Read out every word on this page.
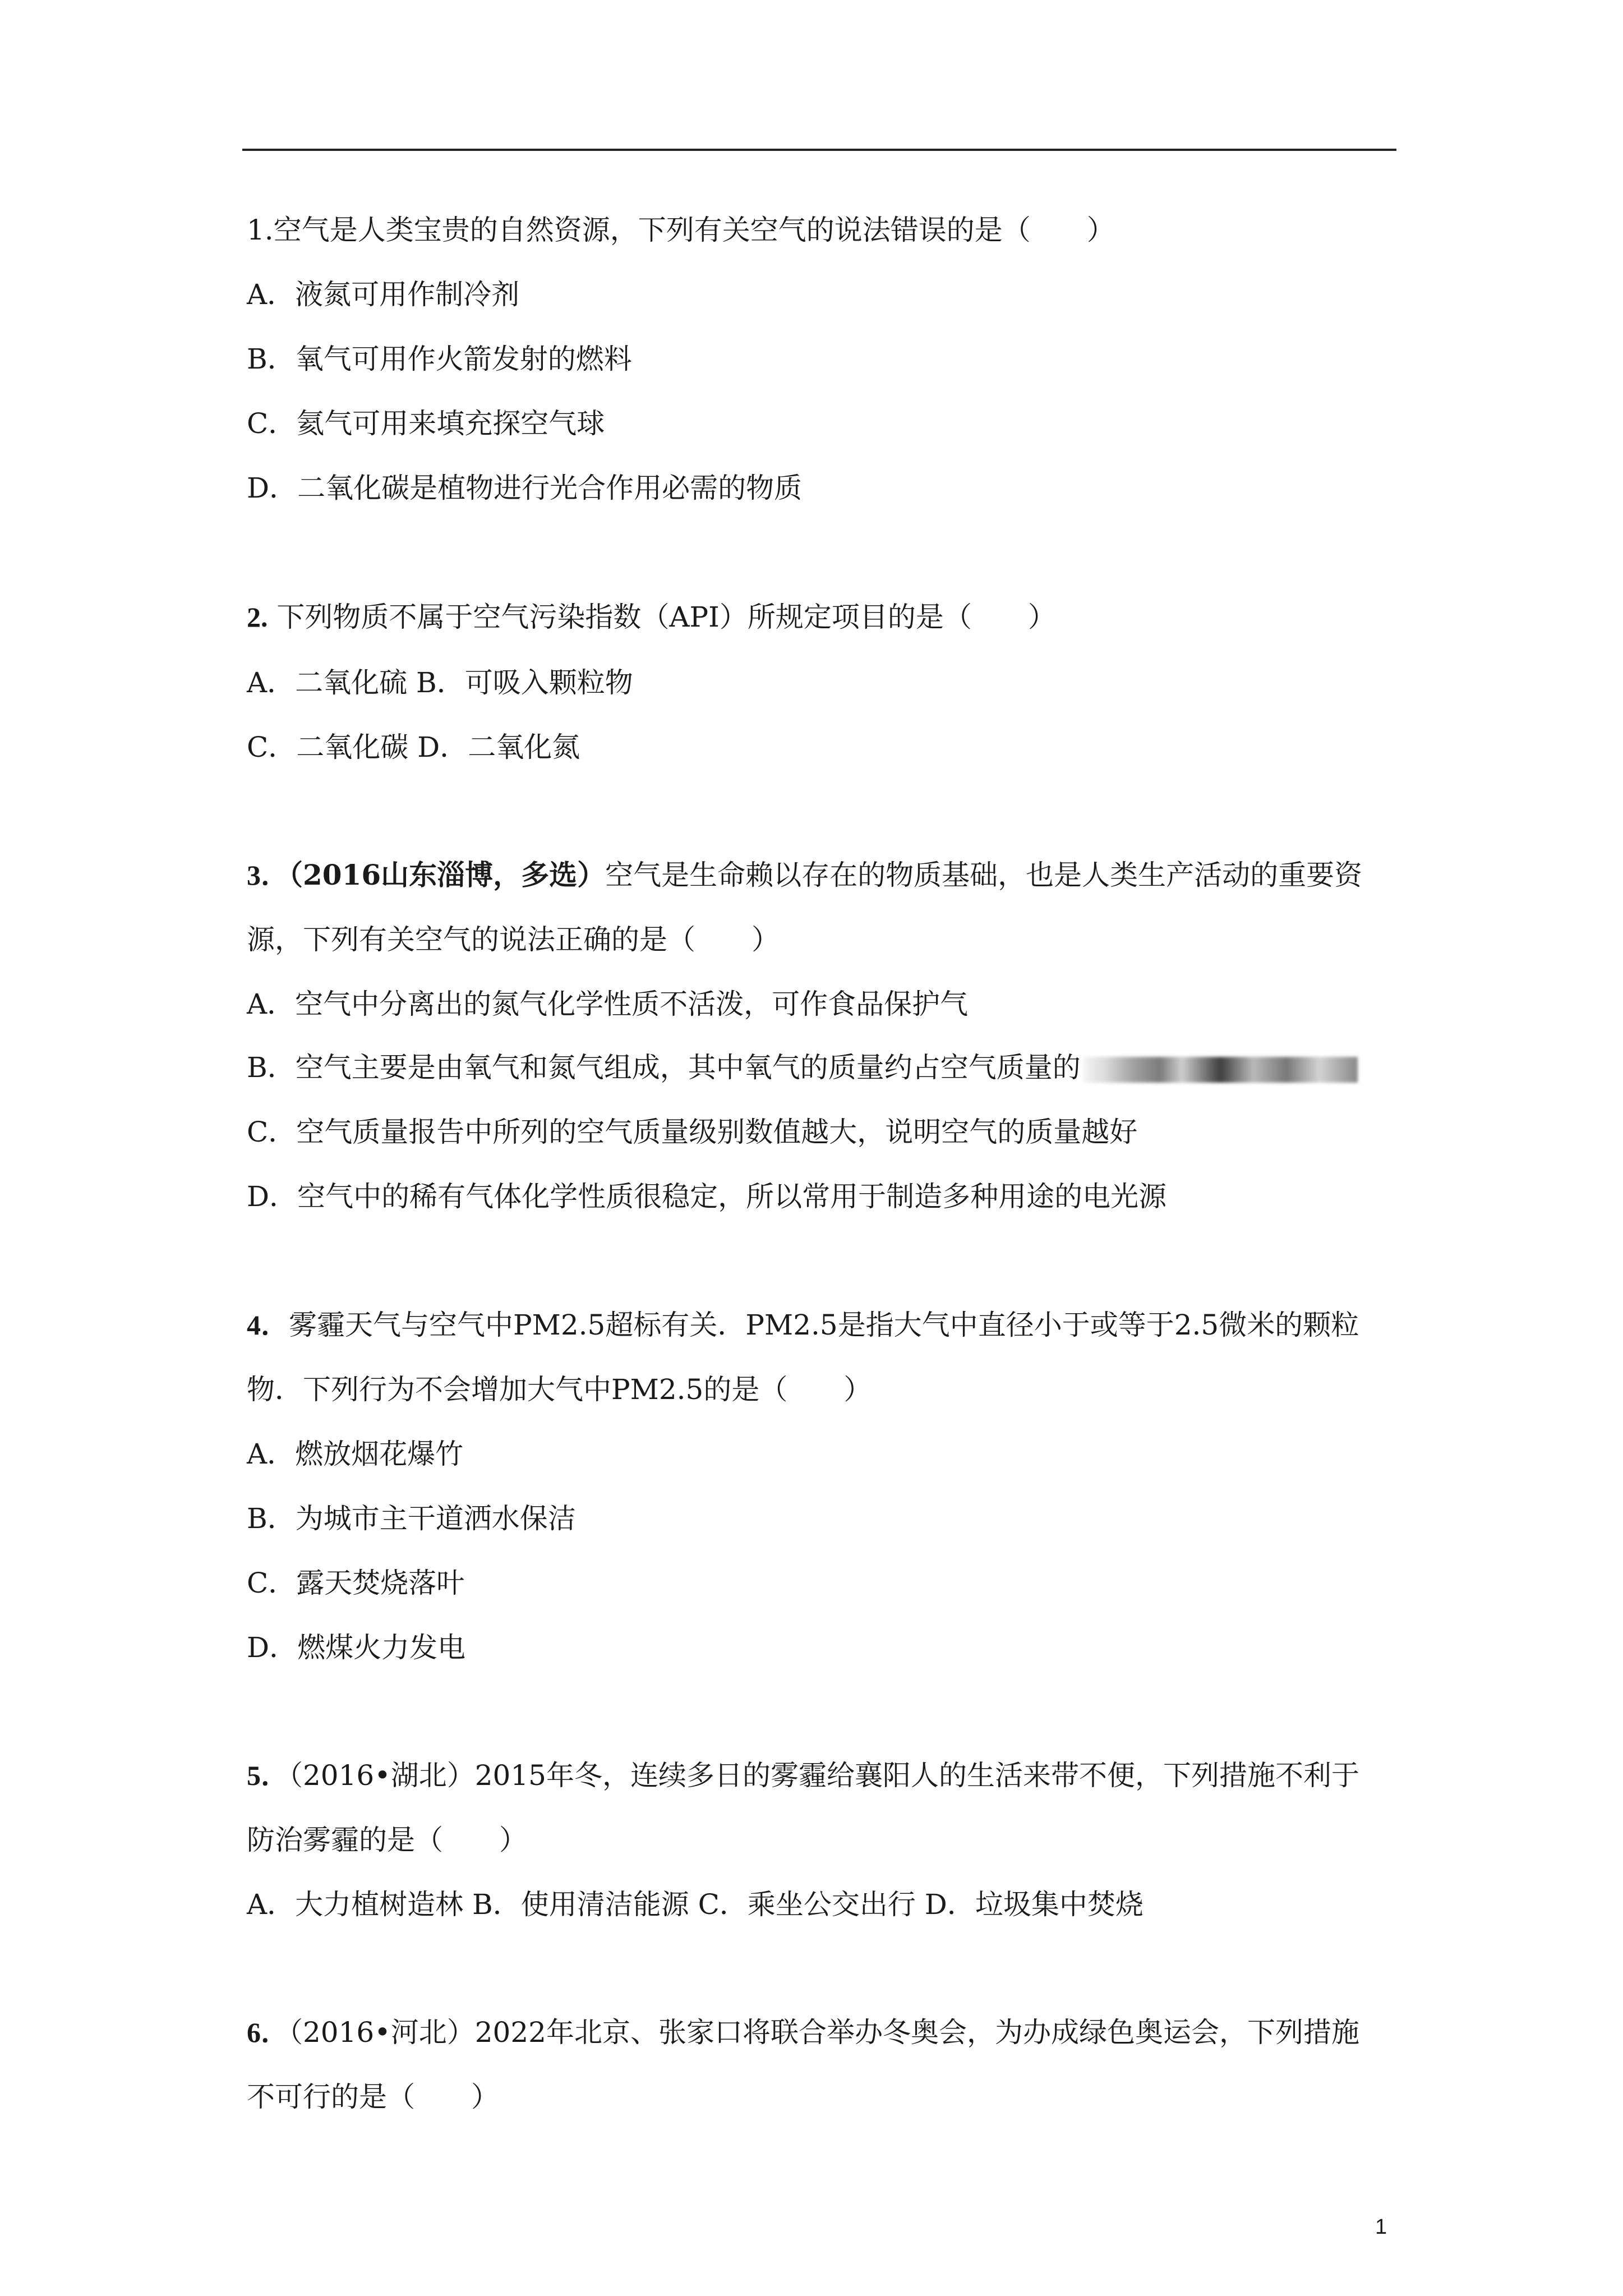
1.空气是人类宝贵的自然资源，下列有关空气的说法错误的是（　　）
A．液氮可用作制冷剂
B．氧气可用作火箭发射的燃料
C．氦气可用来填充探空气球
D．二氧化碳是植物进行光合作用必需的物质
2. 下列物质不属于空气污染指数（API）所规定项目的是（　　）
A．二氧化硫 B．可吸入颗粒物
C．二氧化碳 D．二氧化氮
3．（2016山东淄博，多选）空气是生命赖以存在的物质基础，也是人类生产活动的重要资
源，下列有关空气的说法正确的是（　　）
A．空气中分离出的氮气化学性质不活泼，可作食品保护气
B．空气主要是由氧气和氮气组成，其中氧气的质量约占空气质量的
C．空气质量报告中所列的空气质量级别数值越大，说明空气的质量越好
D．空气中的稀有气体化学性质很稳定，所以常用于制造多种用途的电光源
4．雾霾天气与空气中PM2.5超标有关．PM2.5是指大气中直径小于或等于2.5微米的颗粒
物．下列行为不会增加大气中PM2.5的是（　　）
A．燃放烟花爆竹
B．为城市主干道洒水保洁
C．露天焚烧落叶
D．燃煤火力发电
5．（2016•湖北）2015年冬，连续多日的雾霾给襄阳人的生活来带不便，下列措施不利于
防治雾霾的是（　　）
A．大力植树造林 B．使用清洁能源 C．乘坐公交出行 D．垃圾集中焚烧
6．（2016•河北）2022年北京、张家口将联合举办冬奥会，为办成绿色奥运会，下列措施
不可行的是（　　）
1
